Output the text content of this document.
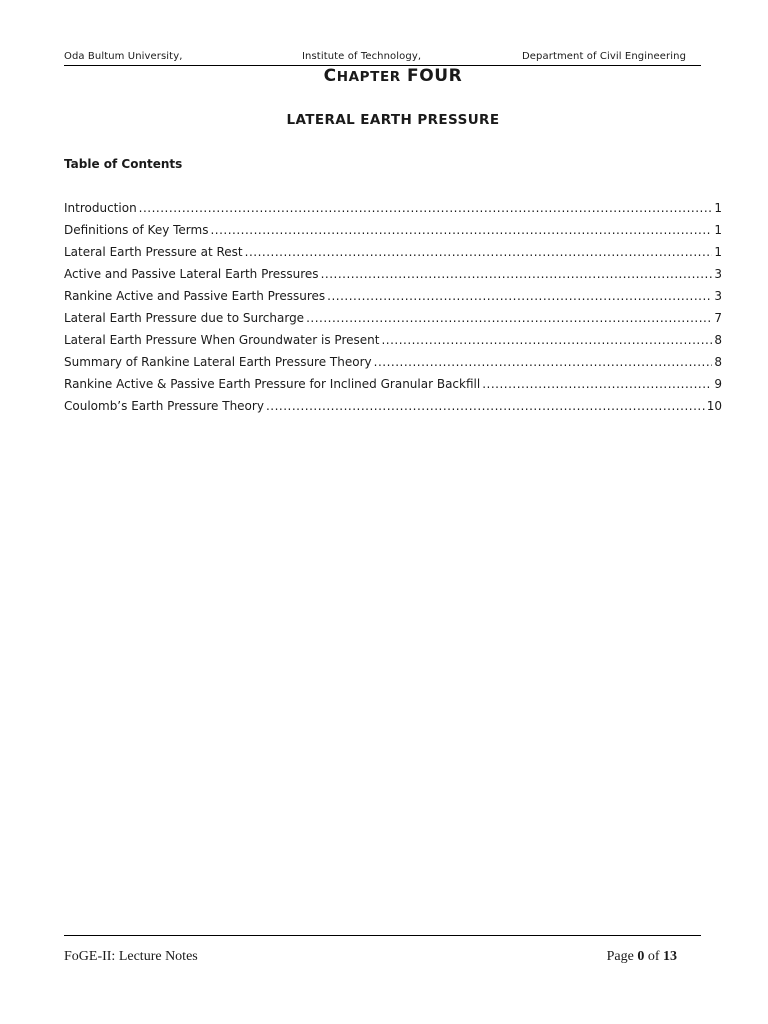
Oda Bultum University,	Institute of Technology,	Department of Civil Engineering
CHAPTER FOUR
LATERAL EARTH PRESSURE
Table of Contents
Introduction .....	1
Definitions of Key Terms .....	1
Lateral Earth Pressure at Rest .....	1
Active and Passive Lateral Earth Pressures .....	3
Rankine Active and Passive Earth Pressures .....	3
Lateral Earth Pressure due to Surcharge .....	7
Lateral Earth Pressure When Groundwater is Present .....	8
Summary of Rankine Lateral Earth Pressure Theory .....	8
Rankine Active & Passive Earth Pressure for Inclined Granular Backfill .....	9
Coulomb’s Earth Pressure Theory .....	10
FoGE-II: Lecture Notes	Page 0 of 13
